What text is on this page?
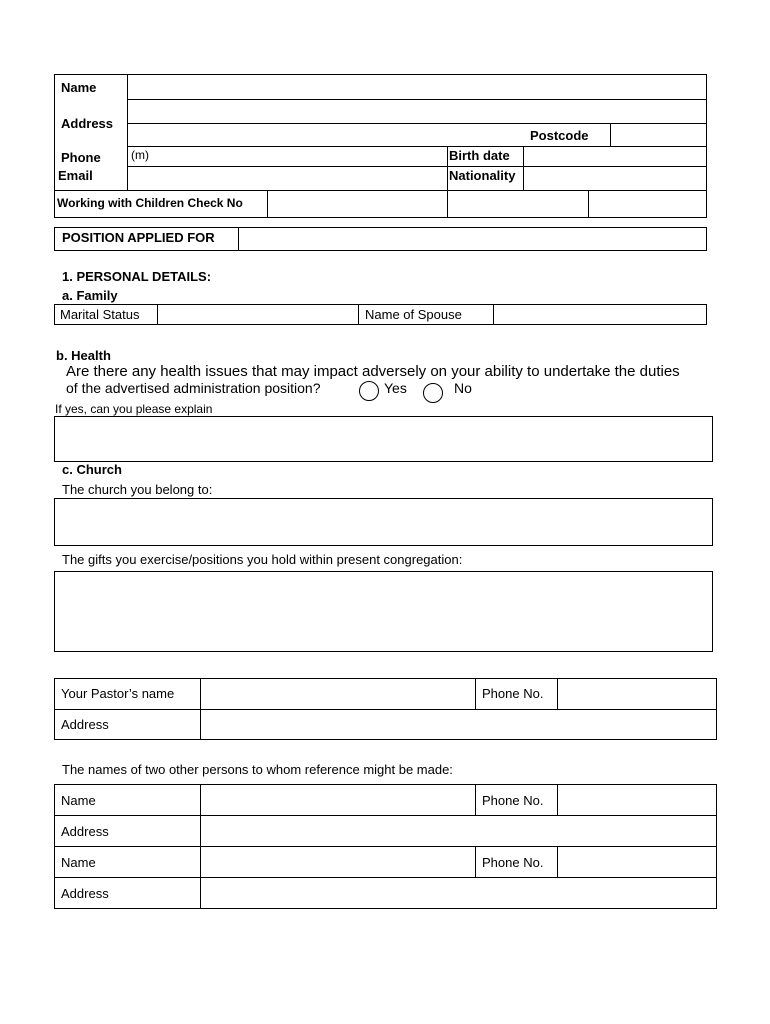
Name
Address
Postcode
Phone	(m)	Birth date
Email	Nationality
Working with Children Check No
POSITION APPLIED FOR
1. PERSONAL DETAILS:
a. Family
Marital Status	Name of Spouse
b. Health
Are there any health issues that may impact adversely on your ability to undertake the duties
of the advertised administration position?	Yes	No
If yes, can you please explain
c. Church
The church you belong to:
The gifts you exercise/positions you hold within present congregation:
Your Pastor’s name	Phone No.
Address
The names of two other persons to whom reference might be made:
Name	Phone No.
Address
Name	Phone No.
Address
